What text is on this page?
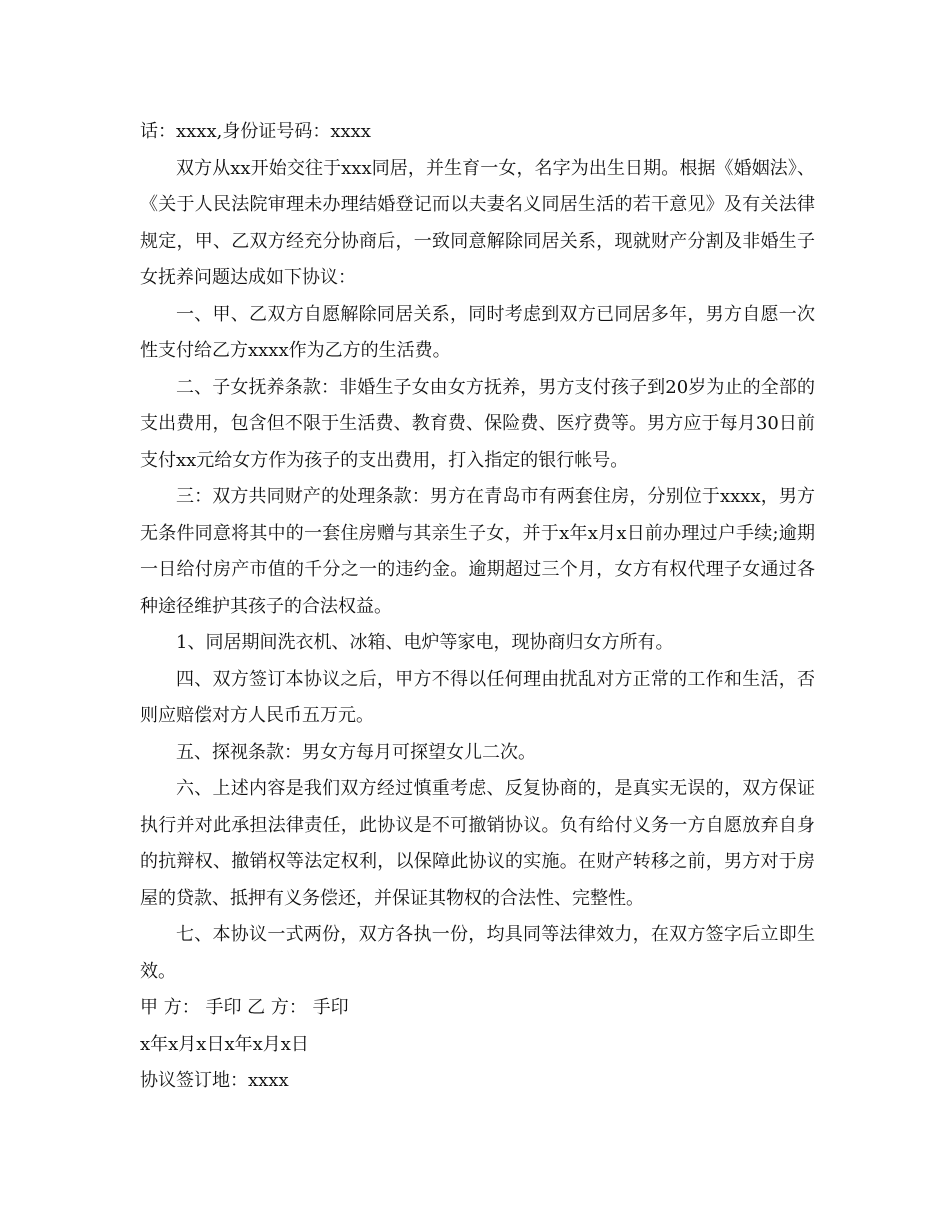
话：xxxx,身份证号码：xxxx

双方从xx开始交往于xxx同居，并生育一女，名字为出生日期。根据《婚姻法》、《关于人民法院审理未办理结婚登记而以夫妻名义同居生活的若干意见》及有关法律规定，甲、乙双方经充分协商后，一致同意解除同居关系，现就财产分割及非婚生子女抚养问题达成如下协议：

一、甲、乙双方自愿解除同居关系，同时考虑到双方已同居多年，男方自愿一次性支付给乙方xxxx作为乙方的生活费。

二、子女抚养条款：非婚生子女由女方抚养，男方支付孩子到20岁为止的全部的支出费用，包含但不限于生活费、教育费、保险费、医疗费等。男方应于每月30日前支付xx元给女方作为孩子的支出费用，打入指定的银行帐号。

三：双方共同财产的处理条款：男方在青岛市有两套住房，分别位于xxxx，男方无条件同意将其中的一套住房赠与其亲生子女，并于x年x月x日前办理过户手续;逾期一日给付房产市值的千分之一的违约金。逾期超过三个月，女方有权代理子女通过各种途径维护其孩子的合法权益。

1、同居期间洗衣机、冰箱、电炉等家电，现协商归女方所有。

四、双方签订本协议之后，甲方不得以任何理由扰乱对方正常的工作和生活，否则应赔偿对方人民币五万元。

五、探视条款：男女方每月可探望女儿二次。

六、上述内容是我们双方经过慎重考虑、反复协商的，是真实无误的，双方保证执行并对此承担法律责任，此协议是不可撤销协议。负有给付义务一方自愿放弃自身的抗辩权、撤销权等法定权利，以保障此协议的实施。在财产转移之前，男方对于房屋的贷款、抵押有义务偿还，并保证其物权的合法性、完整性。

七、本协议一式两份，双方各执一份，均具同等法律效力，在双方签字后立即生效。

甲 方： 手印 乙 方： 手印

x年x月x日x年x月x日

协议签订地：xxxx
